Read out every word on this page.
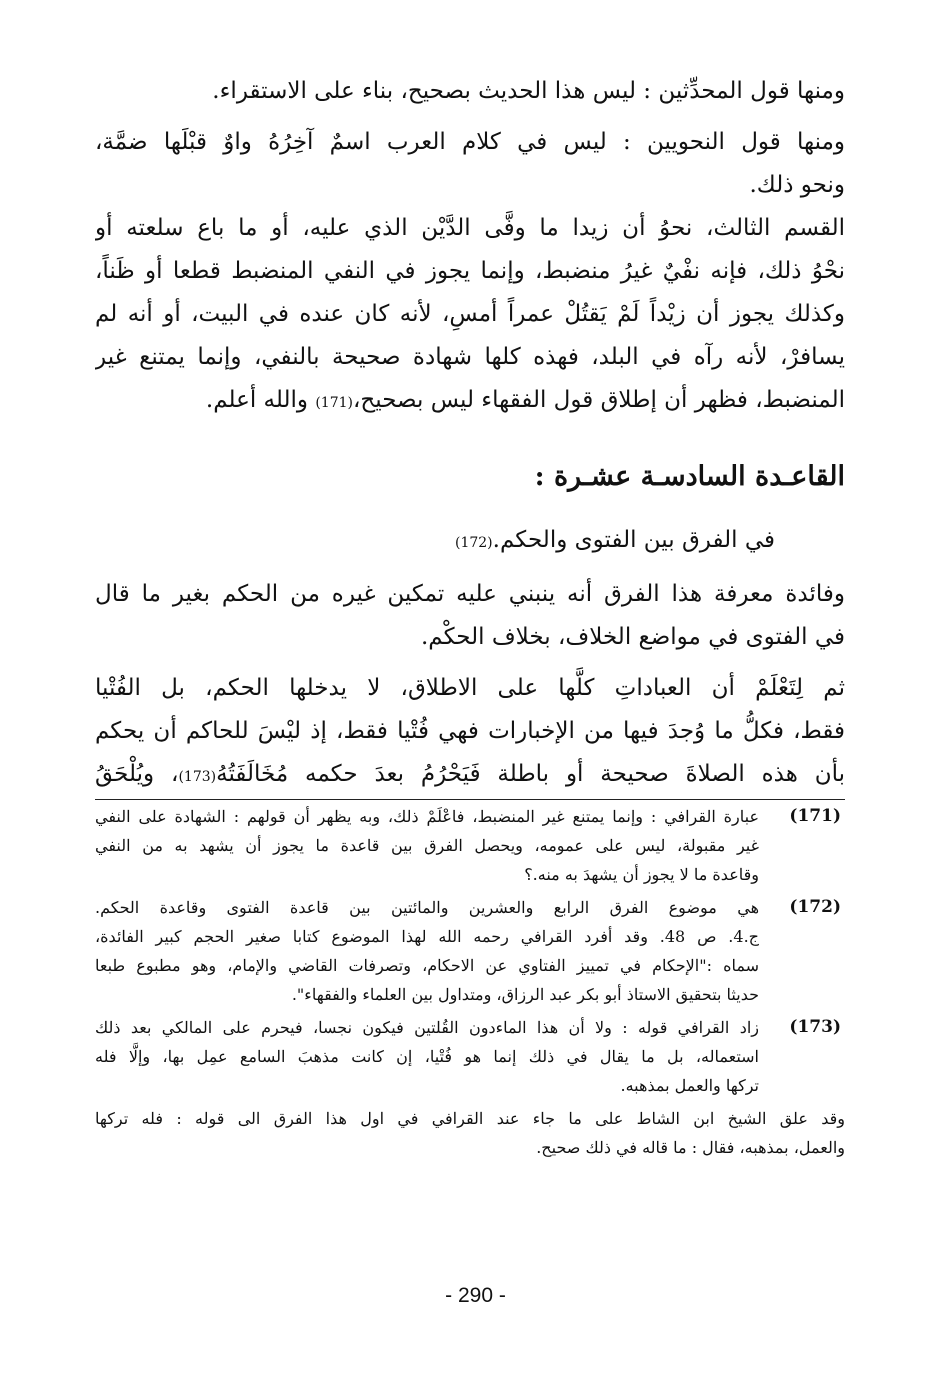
ومنها قول المحدِّثين : ليس هذا الحديث بصحيح، بناء على الاستقراء.
ومنها قول النحويين : ليس في كلام العرب اسمٌ آخِرُهُ واوٌ قبْلَها ضمَّة،
ونحو ذلك.
القسم الثالث، نحوُ أن زيدا ما وفَّى الدَّيْن الذي عليه، أو ما باع سلعته أو
نحْوُ ذلك، فإنه نفْيٌ غيرُ منضبط، وإنما يجوز في النفي المنضبط قطعا أو ظَناً،
وكذلك يجوز أن زيْداً لَمْ يَقتُلْ عمراً أمسِ، لأنه كان عنده في البيت، أو أنه لم
يسافرْ، لأنه رآه في البلد، فهذه كلها شهادة صحيحة بالنفي، وإنما يمتنع غير
المنضبط، فظهر أن إطلاق قول الفقهاء ليس بصحيح،(171) والله أعلم.
القاعـدة السادسـة عشـرة :
في الفرق بين الفتوى والحكم.(172)
وفائدة معرفة هذا الفرق أنه ينبني عليه تمكين غيره من الحكم بغير ما قال
في الفتوى في مواضع الخلاف، بخلاف الحكْم.
ثم لِتَعْلَمْ أن العباداتِ كلَّها على الاطلاق، لا يدخلها الحكم، بل الفُتْيا
فقط، فكلُّ ما وُجدَ فيها من الإخبارات فهي فُتْيا فقط، إذ ليْسَ للحاكم أن يحكم
بأن هذه الصلاةَ صحيحة أو باطلة فَيَحْرُمُ بعدَ حكمه مُخَالَفَتُهُ(173)، ويُلْحَقُ
(171)
عبارة القرافي : وإنما يمتنع غير المنضبط، فاعْلَمْ ذلك، وبه يظهر أن قولهم : الشهادة على النفي
غير مقبولة، ليس على عمومه، ويحصل الفرق بين قاعدة ما يجوز أن يشهد به من النفي
وقاعدة ما لا يجوز أن يشهدَ به منه.؟
(172)
هي موضوع الفرق الرابع والعشرين والمائتين بين قاعدة الفتوى وقاعدة الحكم.
ج.4. ص 48. وقد أفرد القرافي رحمه الله لهذا الموضوع كتابا صغير الحجم كبير الفائدة،
سماه :"الإحكام في تمييز الفتاوي عن الاحكام، وتصرفات القاضي والإمام، وهو مطبوع طبعا
حديثا بتحقيق الاستاذ أبو بكر عبد الرزاق، ومتداول بين العلماء والفقهاء".
(173)
زاد القرافي قوله : ولا أن هذا الماءدون القُلتين فيكون نجسا، فيحرم على المالكي بعد ذلك
استعماله، بل ما يقال في ذلك إنما هو فُتْيا، إن كانت مذهبَ السامع عمِل بها، وإلَّا فله
تركها والعمل بمذهبه.
وقد علق الشيخ ابن الشاط على ما جاء عند القرافي في اول هذا الفرق الى قوله : فله تركها
والعمل، بمذهبه، فقال : ما قاله في ذلك صحيح.
- 290 -
